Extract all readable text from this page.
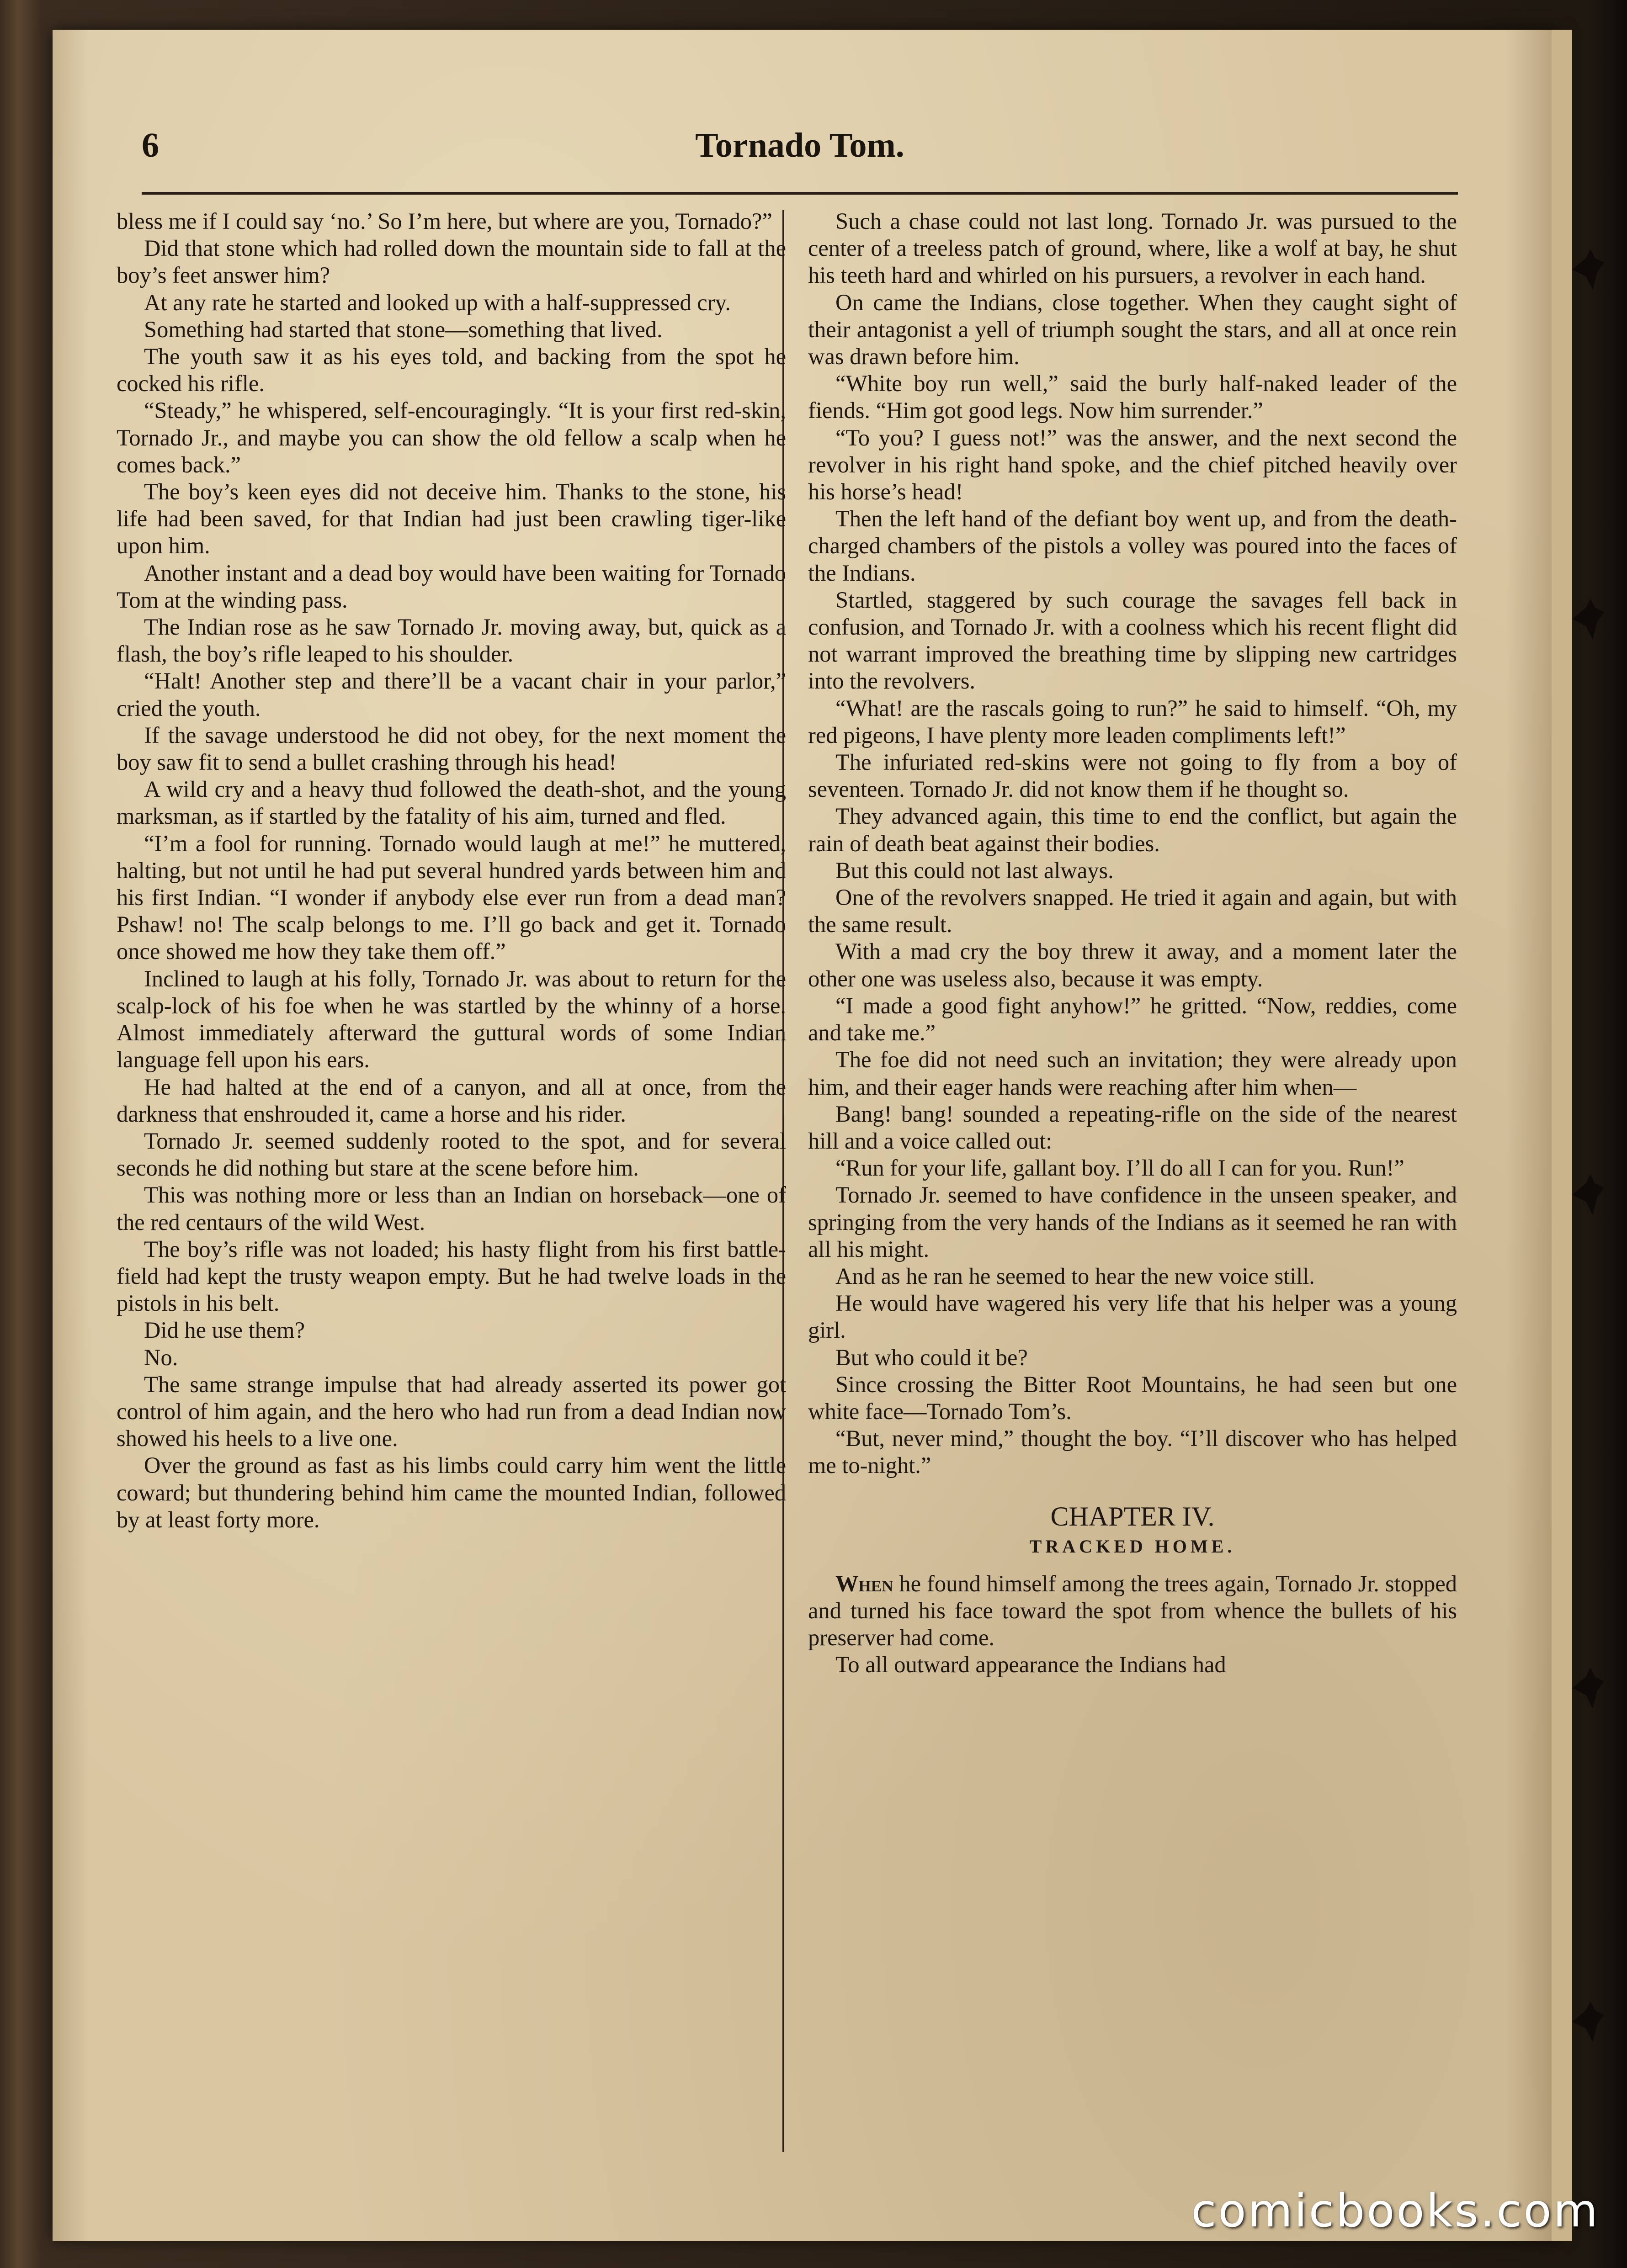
6	Tornado Tom.

bless me if I could say ‘no.’ So I’m here, but where are you, Tornado?”

Did that stone which had rolled down the mountain side to fall at the boy’s feet answer him?

At any rate he started and looked up with a half-suppressed cry.

Something had started that stone—something that lived.

The youth saw it as his eyes told, and backing from the spot he cocked his rifle.

“Steady,” he whispered, self-encouragingly. “It is your first red-skin, Tornado Jr., and maybe you can show the old fellow a scalp when he comes back.”

The boy’s keen eyes did not deceive him. Thanks to the stone, his life had been saved, for that Indian had just been crawling tiger-like upon him.

Another instant and a dead boy would have been waiting for Tornado Tom at the winding pass.

The Indian rose as he saw Tornado Jr. moving away, but, quick as a flash, the boy’s rifle leaped to his shoulder.

“Halt! Another step and there’ll be a vacant chair in your parlor,” cried the youth.

If the savage understood he did not obey, for the next moment the boy saw fit to send a bullet crashing through his head!

A wild cry and a heavy thud followed the death-shot, and the young marksman, as if startled by the fatality of his aim, turned and fled.

“I’m a fool for running. Tornado would laugh at me!” he muttered, halting, but not until he had put several hundred yards between him and his first Indian. “I wonder if anybody else ever run from a dead man? Pshaw! no! The scalp belongs to me. I’ll go back and get it. Tornado once showed me how they take them off.”

Inclined to laugh at his folly, Tornado Jr. was about to return for the scalp-lock of his foe when he was startled by the whinny of a horse. Almost immediately afterward the guttural words of some Indian language fell upon his ears.

He had halted at the end of a canyon, and all at once, from the darkness that enshrouded it, came a horse and his rider.

Tornado Jr. seemed suddenly rooted to the spot, and for several seconds he did nothing but stare at the scene before him.

This was nothing more or less than an Indian on horseback—one of the red centaurs of the wild West.

The boy’s rifle was not loaded; his hasty flight from his first battle-field had kept the trusty weapon empty. But he had twelve loads in the pistols in his belt.

Did he use them?

No.

The same strange impulse that had already asserted its power got control of him again, and the hero who had run from a dead Indian now showed his heels to a live one.

Over the ground as fast as his limbs could carry him went the little coward; but thundering behind him came the mounted Indian, followed by at least forty more.

Such a chase could not last long. Tornado Jr. was pursued to the center of a treeless patch of ground, where, like a wolf at bay, he shut his teeth hard and whirled on his pursuers, a revolver in each hand.

On came the Indians, close together. When they caught sight of their antagonist a yell of triumph sought the stars, and all at once rein was drawn before him.

“White boy run well,” said the burly half-naked leader of the fiends. “Him got good legs. Now him surrender.”

“To you? I guess not!” was the answer, and the next second the revolver in his right hand spoke, and the chief pitched heavily over his horse’s head!

Then the left hand of the defiant boy went up, and from the death-charged chambers of the pistols a volley was poured into the faces of the Indians.

Startled, staggered by such courage the savages fell back in confusion, and Tornado Jr. with a coolness which his recent flight did not warrant improved the breathing time by slipping new cartridges into the revolvers.

“What! are the rascals going to run?” he said to himself. “Oh, my red pigeons, I have plenty more leaden compliments left!”

The infuriated red-skins were not going to fly from a boy of seventeen. Tornado Jr. did not know them if he thought so.

They advanced again, this time to end the conflict, but again the rain of death beat against their bodies.

But this could not last always.

One of the revolvers snapped. He tried it again and again, but with the same result.

With a mad cry the boy threw it away, and a moment later the other one was useless also, because it was empty.

“I made a good fight anyhow!” he gritted. “Now, reddies, come and take me.”

The foe did not need such an invitation; they were already upon him, and their eager hands were reaching after him when—

Bang! bang! sounded a repeating-rifle on the side of the nearest hill and a voice called out:

“Run for your life, gallant boy. I’ll do all I can for you. Run!”

Tornado Jr. seemed to have confidence in the unseen speaker, and springing from the very hands of the Indians as it seemed he ran with all his might.

And as he ran he seemed to hear the new voice still.

He would have wagered his very life that his helper was a young girl.

But who could it be?

Since crossing the Bitter Root Mountains, he had seen but one white face—Tornado Tom’s.

“But, never mind,” thought the boy. “I’ll discover who has helped me to-night.”

CHAPTER IV.
TRACKED HOME.

When he found himself among the trees again, Tornado Jr. stopped and turned his face toward the spot from whence the bullets of his preserver had come.

To all outward appearance the Indians had

comicbooks.com
